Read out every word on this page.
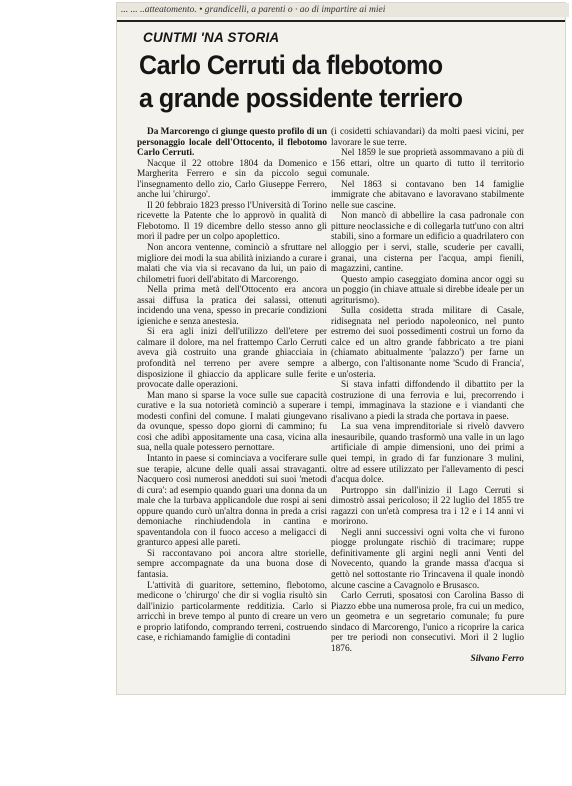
... ... ..atteatomento. • grandicelli, a parenti o · ao di impartire ai miei
CUNTMI 'NA STORIA
Carlo Cerruti da flebotomo
a grande possidente terriero

Da Marcorengo ci giunge questo profilo di un personaggio locale dell'Ottocento, il flebotomo Carlo Cerruti.

Nacque il 22 ottobre 1804 da Domenico e Margherita Ferrero e sin da piccolo seguì l'insegnamento dello zio, Carlo Giuseppe Ferrero, anche lui 'chirurgo'.

Il 20 febbraio 1823 presso l'Università di Torino ricevette la Patente che lo approvò in qualità di Flebotomo. Il 19 dicembre dello stesso anno gli morì il padre per un colpo apoplettico.

Non ancora ventenne, cominciò a sfruttare nel migliore dei modi la sua abilità iniziando a curare i malati che via via si recavano da lui, un paio di chilometri fuori dell'abitato di Marcorengo.

Nella prima metà dell'Ottocento era ancora assai diffusa la pratica dei salassi, ottenuti incidendo una vena, spesso in precarie condizioni igieniche e senza anestesia.

Si era agli inizi dell'utilizzo dell'etere per calmare il dolore, ma nel frattempo Carlo Cerruti aveva già costruito una grande ghiacciaia in profondità nel terreno per avere sempre a disposizione il ghiaccio da applicare sulle ferite provocate dalle operazioni.

Man mano si sparse la voce sulle sue capacità curative e la sua notorietà cominciò a superare i modesti confini del comune. I malati giungevano da ovunque, spesso dopo giorni di cammino; fu così che adibì appositamente una casa, vicina alla sua, nella quale potessero pernottare.

Intanto in paese si cominciava a vociferare sulle sue terapie, alcune delle quali assai stravaganti. Nacquero così numerosi aneddoti sui suoi 'metodi di cura': ad esempio quando guarì una donna da un male che la turbava applicandole due rospi ai seni oppure quando curò un'altra donna in preda a crisi demoniache rinchiudendola in cantina e spaventandola con il fuoco acceso a meligacci di granturco appesi alle pareti.

Si raccontavano poi ancora altre storielle, sempre accompagnate da una buona dose di fantasia.

L'attività di guaritore, settemino, flebotomo, medicone o 'chirurgo' che dir si voglia risultò sin dall'inizio particolarmente redditizia. Carlo si arricchì in breve tempo al punto di creare un vero e proprio latifondo, comprando terreni, costruendo case, e richiamando famiglie di contadini

(i cosidetti schiavandari) da molti paesi vicini, per lavorare le sue terre.

Nel 1859 le sue proprietà assommavano a più di 156 ettari, oltre un quarto di tutto il territorio comunale.

Nel 1863 si contavano ben 14 famiglie immigrate che abitavano e lavoravano stabilmente nelle sue cascine.

Non mancò di abbellire la casa padronale con pitture neoclassiche e di collegarla tutt'uno con altri stabili, sino a formare un edificio a quadrilatero con alloggio per i servi, stalle, scuderie per cavalli, granai, una cisterna per l'acqua, ampi fienili, magazzini, cantine.

Questo ampio caseggiato domina ancor oggi su un poggio (in chiave attuale si direbbe ideale per un agriturismo).

Sulla cosidetta strada militare di Casale, ridisegnata nel periodo napoleonico, nel punto estremo dei suoi possedimenti costruì un forno da calce ed un altro grande fabbricato a tre piani (chiamato abitualmente 'palazzo') per farne un albergo, con l'altisonante nome 'Scudo di Francia', e un'osteria.

Si stava infatti diffondendo il dibattito per la costruzione di una ferrovia e lui, precorrendo i tempi, immaginava la stazione e i viandanti che risalivano a piedi la strada che portava in paese.

La sua vena imprenditoriale si rivelò davvero inesauribile, quando trasformò una valle in un lago artificiale di ampie dimensioni, uno dei primi a quei tempi, in grado di far funzionare 3 mulini, oltre ad essere utilizzato per l'allevamento di pesci d'acqua dolce.

Purtroppo sin dall'inizio il Lago Cerruti si dimostrò assai pericoloso; il 22 luglio del 1855 tre ragazzi con un'età compresa tra i 12 e i 14 anni vi morirono.

Negli anni successivi ogni volta che vi furono piogge prolungate rischiò di tracimare; ruppe definitivamente gli argini negli anni Venti del Novecento, quando la grande massa d'acqua si gettò nel sottostante rio Trincavena il quale inondò alcune cascine a Cavagnolo e Brusasco.

Carlo Cerruti, sposatosi con Carolina Basso di Piazzo ebbe una numerosa prole, fra cui un medico, un geometra e un segretario comunale; fu pure sindaco di Marcorengo, l'unico a ricoprire la carica per tre periodi non consecutivi. Morì il 2 luglio 1876.

Silvano Ferro
